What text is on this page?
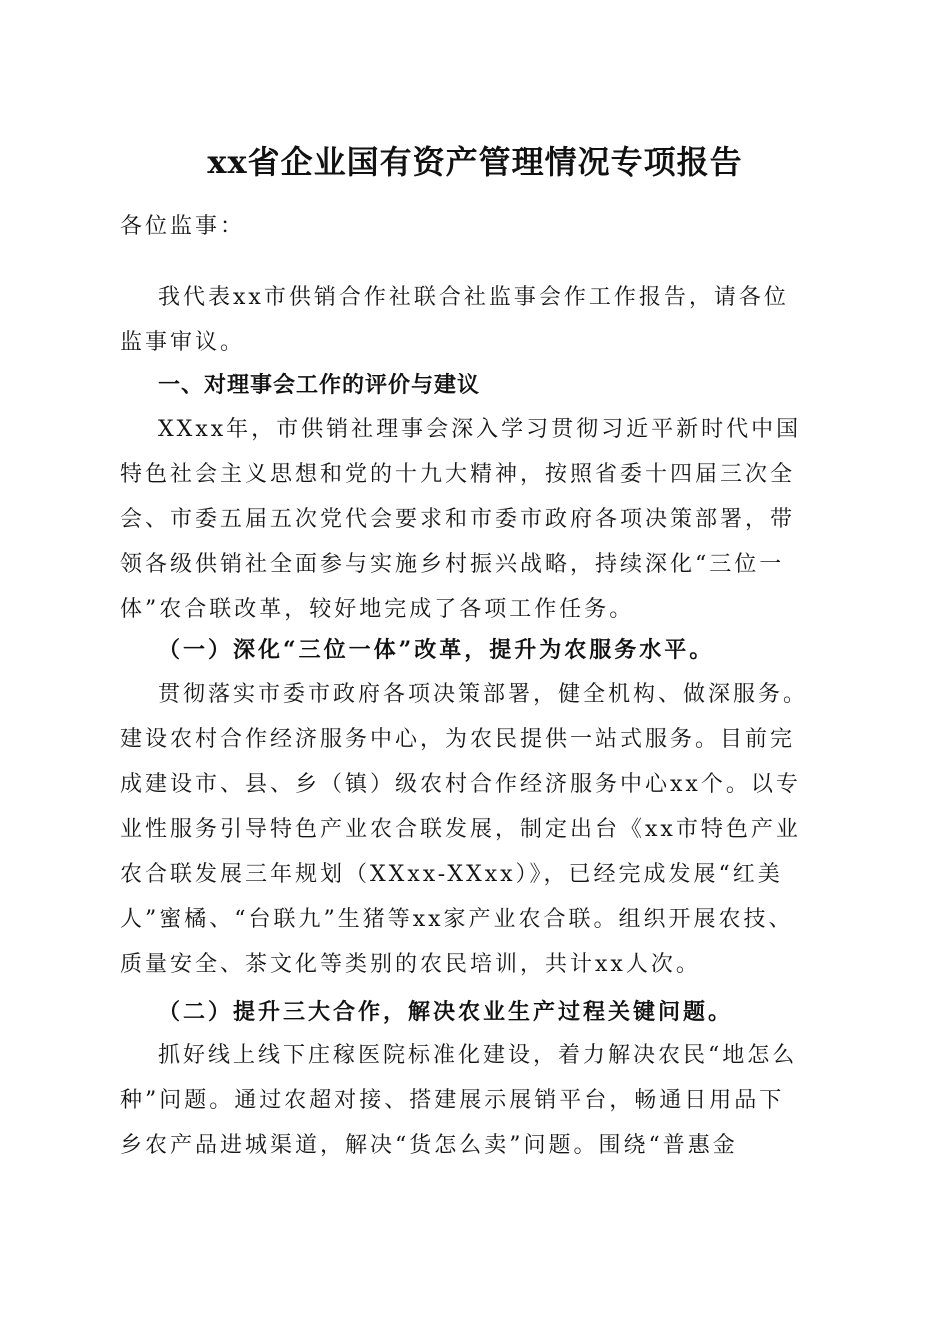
xx省企业国有资产管理情况专项报告
各位监事：
我代表xx市供销合作社联合社监事会作工作报告，请各位
监事审议。
一、对理事会工作的评价与建议
XXxx年，市供销社理事会深入学习贯彻习近平新时代中国
特色社会主义思想和党的十九大精神，按照省委十四届三次全
会、市委五届五次党代会要求和市委市政府各项决策部署，带
领各级供销社全面参与实施乡村振兴战略，持续深化“三位一
体”农合联改革，较好地完成了各项工作任务。
（一）深化“三位一体”改革，提升为农服务水平。
贯彻落实市委市政府各项决策部署，健全机构、做深服务。
建设农村合作经济服务中心，为农民提供一站式服务。目前完
成建设市、县、乡（镇）级农村合作经济服务中心xx个。以专
业性服务引导特色产业农合联发展，制定出台《xx市特色产业
农合联发展三年规划（XXxx-XXxx）》，已经完成发展“红美
人”蜜橘、“台联九”生猪等xx家产业农合联。组织开展农技、
质量安全、茶文化等类别的农民培训，共计xx人次。
（二）提升三大合作，解决农业生产过程关键问题。
抓好线上线下庄稼医院标准化建设，着力解决农民“地怎么
种”问题。通过农超对接、搭建展示展销平台，畅通日用品下
乡农产品进城渠道，解决“货怎么卖”问题。围绕“普惠金
